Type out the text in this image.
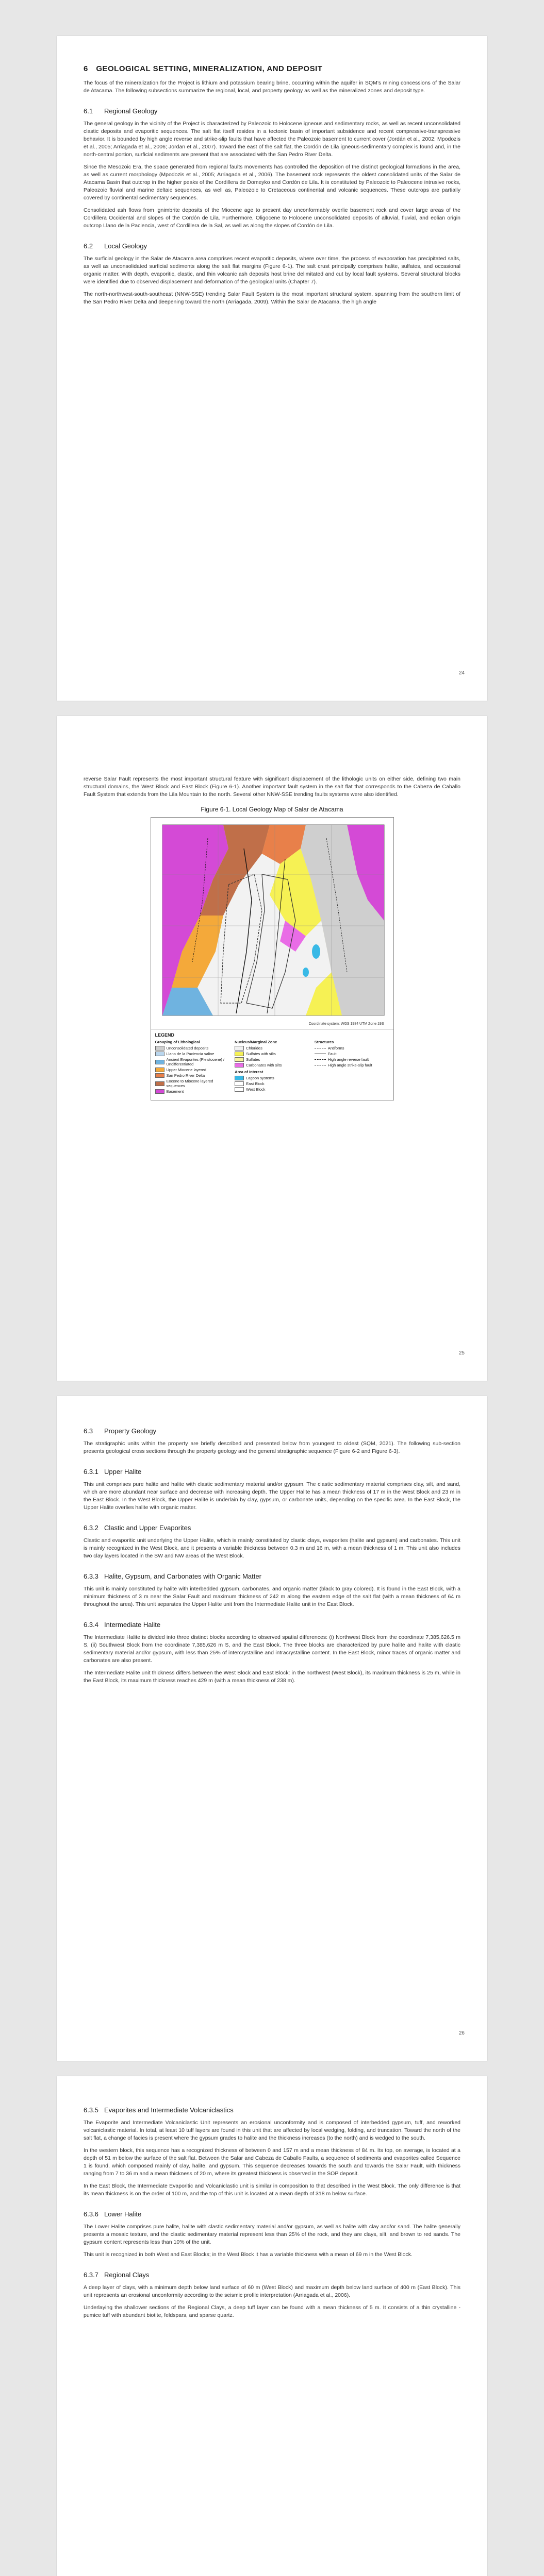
6 GEOLOGICAL SETTING, MINERALIZATION, AND DEPOSIT

The focus of the mineralization for the Project is lithium and potassium bearing brine, occurring within the aquifer in SQM’s mining concessions of the Salar de Atacama. The following subsections summarize the regional, local, and property geology as well as the mineralized zones and deposit type.

6.1 Regional Geology

The general geology in the vicinity of the Project is characterized by Paleozoic to Holocene igneous and sedimentary rocks, as well as recent unconsolidated clastic deposits and evaporitic sequences. The salt flat itself resides in a tectonic basin of important subsidence and recent compressive-transpressive behavior. It is bounded by high angle reverse and strike-slip faults that have affected the Paleozoic basement to current cover (Jordán et al., 2002; Mpodozis et al., 2005; Arriagada et al., 2006; Jordan et al., 2007). Toward the east of the salt flat, the Cordón de Lila igneous-sedimentary complex is found and, in the north-central portion, surficial sediments are present that are associated with the San Pedro River Delta.

Since the Mesozoic Era, the space generated from regional faults movements has controlled the deposition of the distinct geological formations in the area, as well as current morphology (Mpodozis et al., 2005; Arriagada et al., 2006). The basement rock represents the oldest consolidated units of the Salar de Atacama Basin that outcrop in the higher peaks of the Cordillera de Domeyko and Cordón de Lila. It is constituted by Paleozoic to Paleocene intrusive rocks, Paleozoic fluvial and marine deltaic sequences, as well as, Paleozoic to Cretaceous continental and volcanic sequences. These outcrops are partially covered by continental sedimentary sequences.

Consolidated ash flows from ignimbrite deposits of the Miocene age to present day unconformably overlie basement rock and cover large areas of the Cordillera Occidental and slopes of the Cordón de Lila. Furthermore, Oligocene to Holocene unconsolidated deposits of alluvial, fluvial, and eolian origin outcrop Llano de la Paciencia, west of Cordillera de la Sal, as well as along the slopes of Cordón de Lila.

6.2 Local Geology

The surficial geology in the Salar de Atacama area comprises recent evaporitic deposits, where over time, the process of evaporation has precipitated salts, as well as unconsolidated surficial sediments along the salt flat margins (Figure 6-1). The salt crust principally comprises halite, sulfates, and occasional organic matter. With depth, evaporitic, clastic, and thin volcanic ash deposits host brine delimitated and cut by local fault systems. Several structural blocks were identified due to observed displacement and deformation of the geological units (Chapter 7).

The north-northwest-south-southeast (NNW-SSE) trending Salar Fault System is the most important structural system, spanning from the southern limit of the San Pedro River Delta and deepening toward the north (Arriagada, 2009). Within the Salar de Atacama, the high angle

24

reverse Salar Fault represents the most important structural feature with significant displacement of the lithologic units on either side, defining two main structural domains, the West Block and East Block (Figure 6-1). Another important fault system in the salt flat that corresponds to the Cabeza de Caballo Fault System that extends from the Lila Mountain to the north. Several other NNW-SSE trending faults systems were also identified.

Figure 6-1. Local Geology Map of Salar de Atacama
Coordinate system: WGS 1984 UTM Zone 19S
LEGEND
Grouping of Lithological
Unconsolidated deposits
Llano de la Paciencia saline
Ancient Evaporites (Pleistocene) / Undifferentiated
Upper Miocene layered
San Pedro River Delta
Eocene to Miocene layered sequences
Basement
Nucleus/Marginal Zone
Chlorides
Sulfates with silts
Sulfates
Carbonates with silts
Area of Interest
Lagoon systems
East Block
West Block
Structures
Antiforms
Fault
High angle reverse fault
High angle strike-slip fault
25
6.3 Property Geology

The stratigraphic units within the property are briefly described and presented below from youngest to oldest (SQM, 2021). The following sub-section presents geological cross sections through the property geology and the general stratigraphic sequence (Figure 6-2 and Figure 6-3).

6.3.1 Upper Halite

This unit comprises pure halite and halite with clastic sedimentary material and/or gypsum. The clastic sedimentary material comprises clay, silt, and sand, which are more abundant near surface and decrease with increasing depth. The Upper Halite has a mean thickness of 17 m in the West Block and 23 m in the East Block. In the West Block, the Upper Halite is underlain by clay, gypsum, or carbonate units, depending on the specific area. In the East Block, the Upper Halite overlies halite with organic matter.

6.3.2 Clastic and Upper Evaporites

Clastic and evaporitic unit underlying the Upper Halite, which is mainly constituted by clastic clays, evaporites (halite and gypsum) and carbonates. This unit is mainly recognized in the West Block, and it presents a variable thickness between 0.3 m and 16 m, with a mean thickness of 1 m. This unit also includes two clay layers located in the SW and NW areas of the West Block.

6.3.3 Halite, Gypsum, and Carbonates with Organic Matter

This unit is mainly constituted by halite with interbedded gypsum, carbonates, and organic matter (black to gray colored). It is found in the East Block, with a minimum thickness of 3 m near the Salar Fault and maximum thickness of 242 m along the eastern edge of the salt flat (with a mean thickness of 64 m throughout the area). This unit separates the Upper Halite unit from the Intermediate Halite unit in the East Block.

6.3.4 Intermediate Halite

The Intermediate Halite is divided into three distinct blocks according to observed spatial differences: (i) Northwest Block from the coordinate 7,385,626.5 m S, (ii) Southwest Block from the coordinate 7,385,626 m S, and the East Block. The three blocks are characterized by pure halite and halite with clastic sedimentary material and/or gypsum, with less than 25% of intercrystalline and intracrystalline content. In the East Block, minor traces of organic matter and carbonates are also present.

The Intermediate Halite unit thickness differs between the West Block and East Block: in the northwest (West Block), its maximum thickness is 25 m, while in the East Block, its maximum thickness reaches 429 m (with a mean thickness of 238 m).

26
6.3.5 Evaporites and Intermediate Volcaniclastics

The Evaporite and Intermediate Volcaniclastic Unit represents an erosional unconformity and is composed of interbedded gypsum, tuff, and reworked volcaniclastic material. In total, at least 10 tuff layers are found in this unit that are affected by local wedging, folding, and truncation. Toward the north of the salt flat, a change of facies is present where the gypsum grades to halite and the thickness increases (to the north) and is wedged to the south.

In the western block, this sequence has a recognized thickness of between 0 and 157 m and a mean thickness of 84 m. Its top, on average, is located at a depth of 51 m below the surface of the salt flat. Between the Salar and Cabeza de Caballo Faults, a sequence of sediments and evaporites called Sequence 1 is found, which composed mainly of clay, halite, and gypsum. This sequence decreases towards the south and towards the Salar Fault, with thickness ranging from 7 to 36 m and a mean thickness of 20 m, where its greatest thickness is observed in the SOP deposit.

In the East Block, the Intermediate Evaporitic and Volcaniclastic unit is similar in composition to that described in the West Block. The only difference is that its mean thickness is on the order of 100 m, and the top of this unit is located at a mean depth of 318 m below surface.

6.3.6 Lower Halite

The Lower Halite comprises pure halite, halite with clastic sedimentary material and/or gypsum, as well as halite with clay and/or sand. The halite generally presents a mosaic texture, and the clastic sedimentary material represent less than 25% of the rock, and they are clays, silt, and brown to red sands. The gypsum content represents less than 10% of the unit.

This unit is recognized in both West and East Blocks; in the West Block it has a variable thickness with a mean of 69 m in the West Block.

6.3.7 Regional Clays

A deep layer of clays, with a minimum depth below land surface of 60 m (West Block) and maximum depth below land surface of 400 m (East Block). This unit represents an erosional unconformity according to the seismic profile interpretation (Arriagada et al., 2006).

Underlaying the shallower sections of the Regional Clays, a deep tuff layer can be found with a mean thickness of 5 m. It consists of a thin crystalline - pumice tuff with abundant biotite, feldspars, and sparse quartz.
